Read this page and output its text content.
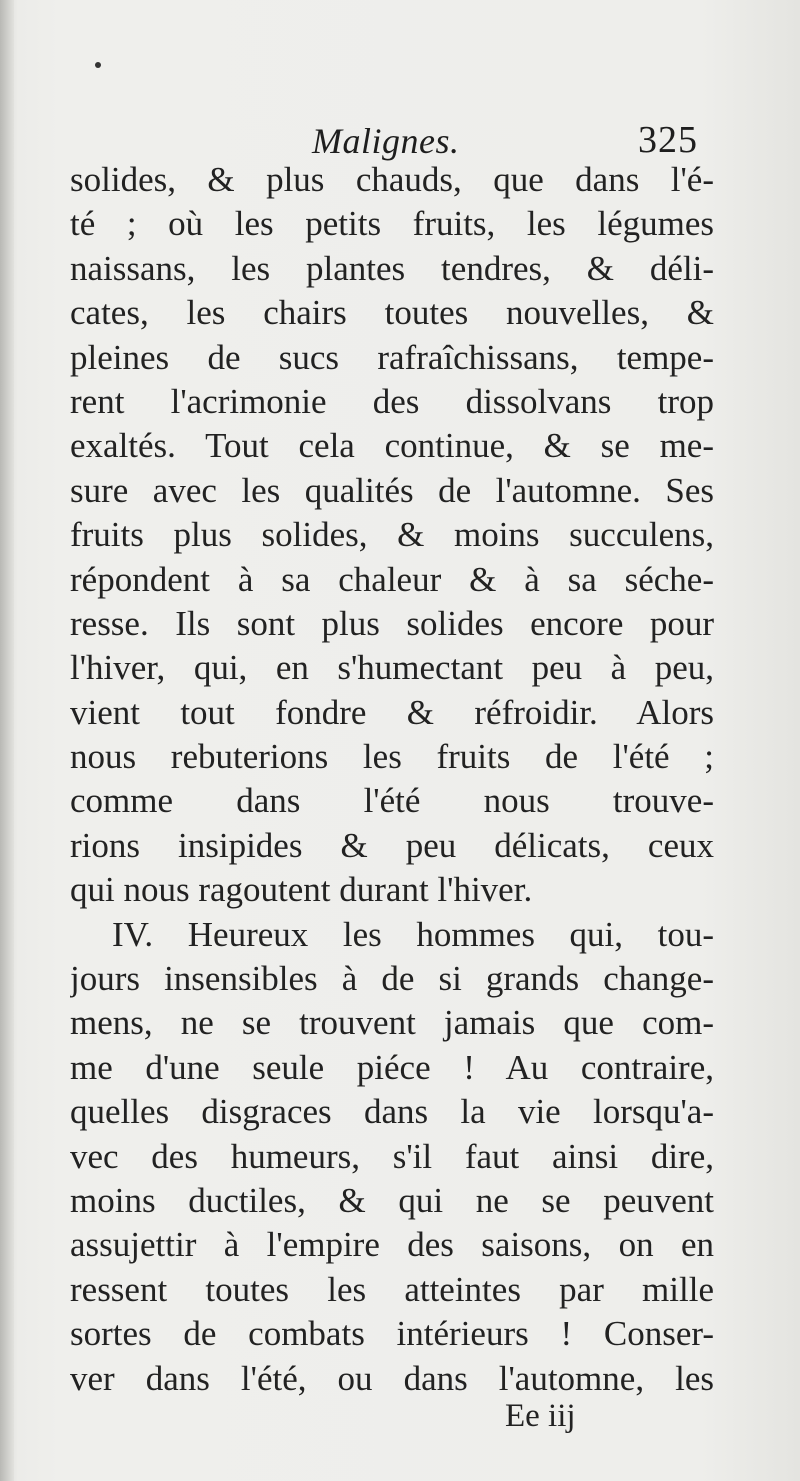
Malignes.	325
solides, & plus chauds, que dans l'é-
té ; où les petits fruits, les légumes
naissans, les plantes tendres, & déli-
cates, les chairs toutes nouvelles, &
pleines de sucs rafraîchissans, tempe-
rent l'acrimonie des dissolvans trop
exaltés. Tout cela continue, & se me-
sure avec les qualités de l'automne. Ses
fruits plus solides, & moins succulens,
répondent à sa chaleur & à sa séche-
resse. Ils sont plus solides encore pour
l'hiver, qui, en s'humectant peu à peu,
vient tout fondre & réfroidir. Alors
nous rebuterions les fruits de l'été ;
comme dans l'été nous trouve-
rions insipides & peu délicats, ceux
qui nous ragoutent durant l'hiver.
IV. Heureux les hommes qui, tou-
jours insensibles à de si grands change-
mens, ne se trouvent jamais que com-
me d'une seule piéce ! Au contraire,
quelles disgraces dans la vie lorsqu'a-
vec des humeurs, s'il faut ainsi dire,
moins ductiles, & qui ne se peuvent
assujettir à l'empire des saisons, on en
ressent toutes les atteintes par mille
sortes de combats intérieurs ! Conser-
ver dans l'été, ou dans l'automne, les
Ee iij
